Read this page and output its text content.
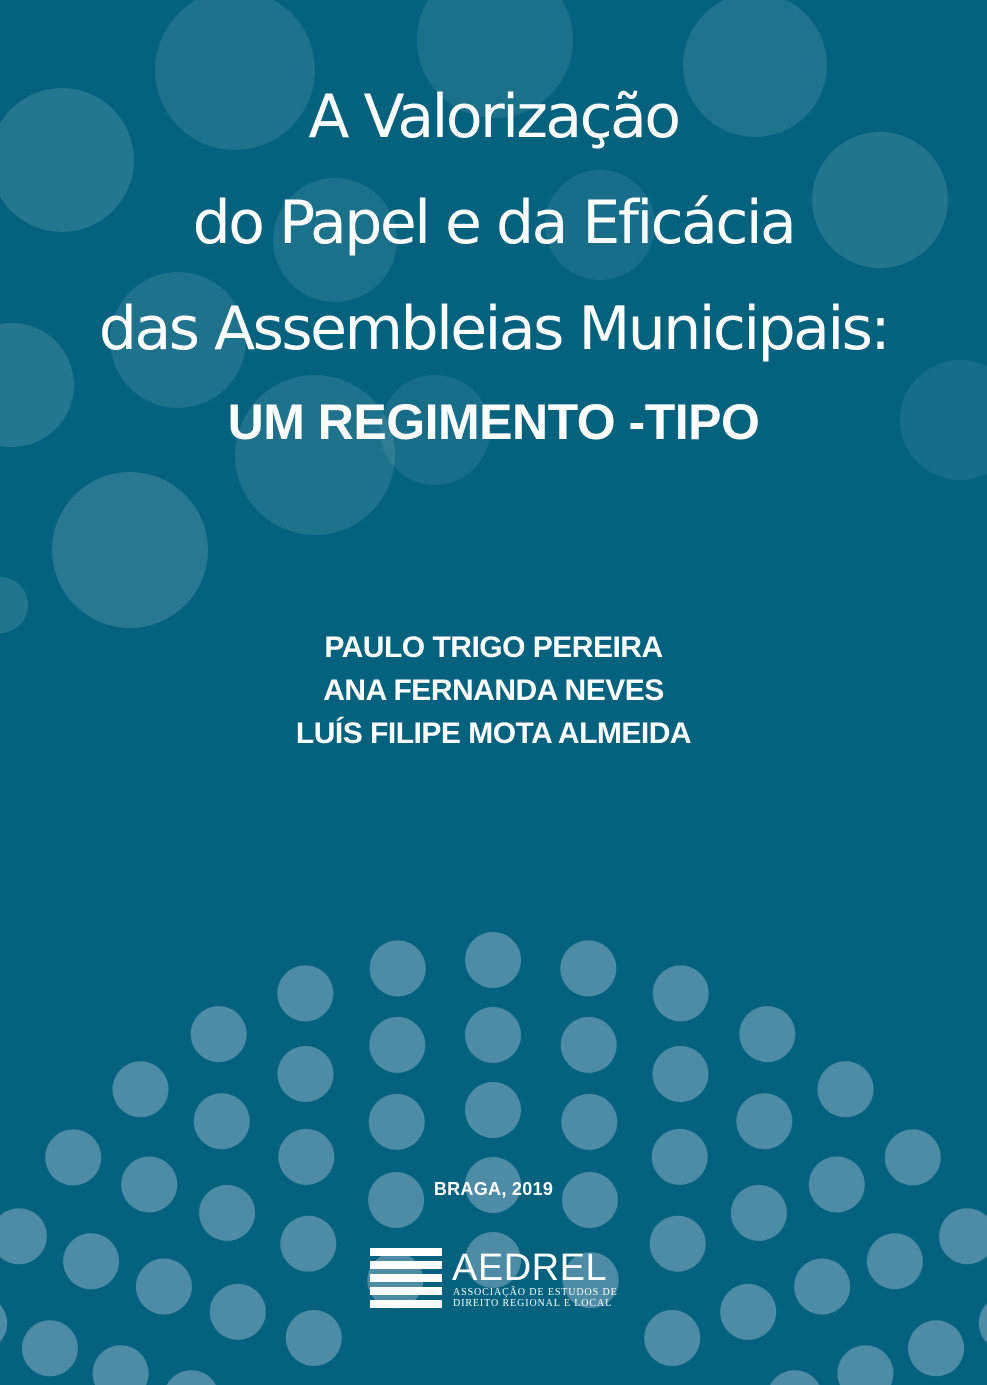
A Valorização
do Papel e da Eficácia
das Assembleias Municipais:
UM REGIMENTO -TIPO
PAULO TRIGO PEREIRA
ANA FERNANDA NEVES
LUÍS FILIPE MOTA ALMEIDA
BRAGA, 2019
AEDREL
ASSOCIAÇÃO DE ESTUDOS DE
DIREITO REGIONAL E LOCAL
